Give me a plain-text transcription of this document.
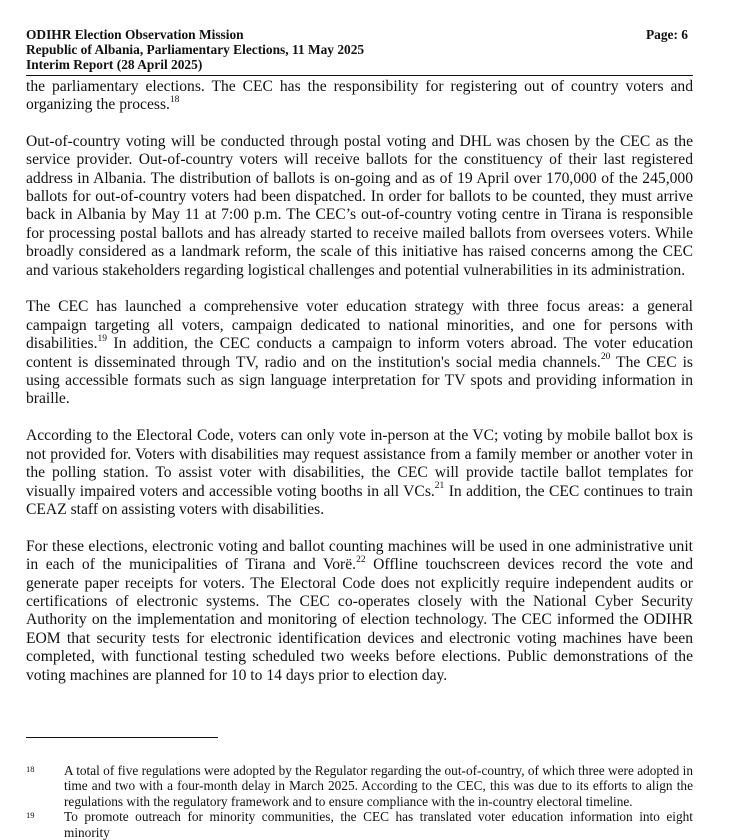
ODIHR Election Observation Mission
Republic of Albania, Parliamentary Elections, 11 May 2025
Interim Report (28 April 2025)
Page: 6

the parliamentary elections. The CEC has the responsibility for registering out of country voters and organizing the process.$^{18}$

Out-of-country voting will be conducted through postal voting and DHL was chosen by the CEC as the service provider. Out-of-country voters will receive ballots for the constituency of their last registered address in Albania. The distribution of ballots is on-going and as of 19 April over 170,000 of the 245,000 ballots for out-of-country voters had been dispatched. In order for ballots to be counted, they must arrive back in Albania by May 11 at 7:00 p.m. The CEC’s out-of-country voting centre in Tirana is responsible for processing postal ballots and has already started to receive mailed ballots from oversees voters. While broadly considered as a landmark reform, the scale of this initiative has raised concerns among the CEC and various stakeholders regarding logistical challenges and potential vulnerabilities in its administration.

The CEC has launched a comprehensive voter education strategy with three focus areas: a general campaign targeting all voters, campaign dedicated to national minorities, and one for persons with disabilities.$^{19}$ In addition, the CEC conducts a campaign to inform voters abroad. The voter education content is disseminated through TV, radio and on the institution's social media channels.$^{20}$ The CEC is using accessible formats such as sign language interpretation for TV spots and providing information in braille.

According to the Electoral Code, voters can only vote in-person at the VC; voting by mobile ballot box is not provided for. Voters with disabilities may request assistance from a family member or another voter in the polling station. To assist voter with disabilities, the CEC will provide tactile ballot templates for visually impaired voters and accessible voting booths in all VCs.$^{21}$ In addition, the CEC continues to train CEAZ staff on assisting voters with disabilities.

For these elections, electronic voting and ballot counting machines will be used in one administrative unit in each of the municipalities of Tirana and Vorë.$^{22}$ Offline touchscreen devices record the vote and generate paper receipts for voters. The Electoral Code does not explicitly require independent audits or certifications of electronic systems. The CEC co-operates closely with the National Cyber Security Authority on the implementation and monitoring of election technology. The CEC informed the ODIHR EOM that security tests for electronic identification devices and electronic voting machines have been completed, with functional testing scheduled two weeks before elections. Public demonstrations of the voting machines are planned for 10 to 14 days prior to election day.

18 A total of five regulations were adopted by the Regulator regarding the out-of-country, of which three were adopted in time and two with a four-month delay in March 2025. According to the CEC, this was due to its efforts to align the regulations with the regulatory framework and to ensure compliance with the in-country electoral timeline.
19 To promote outreach for minority communities, the CEC has translated voter education information into eight minority
